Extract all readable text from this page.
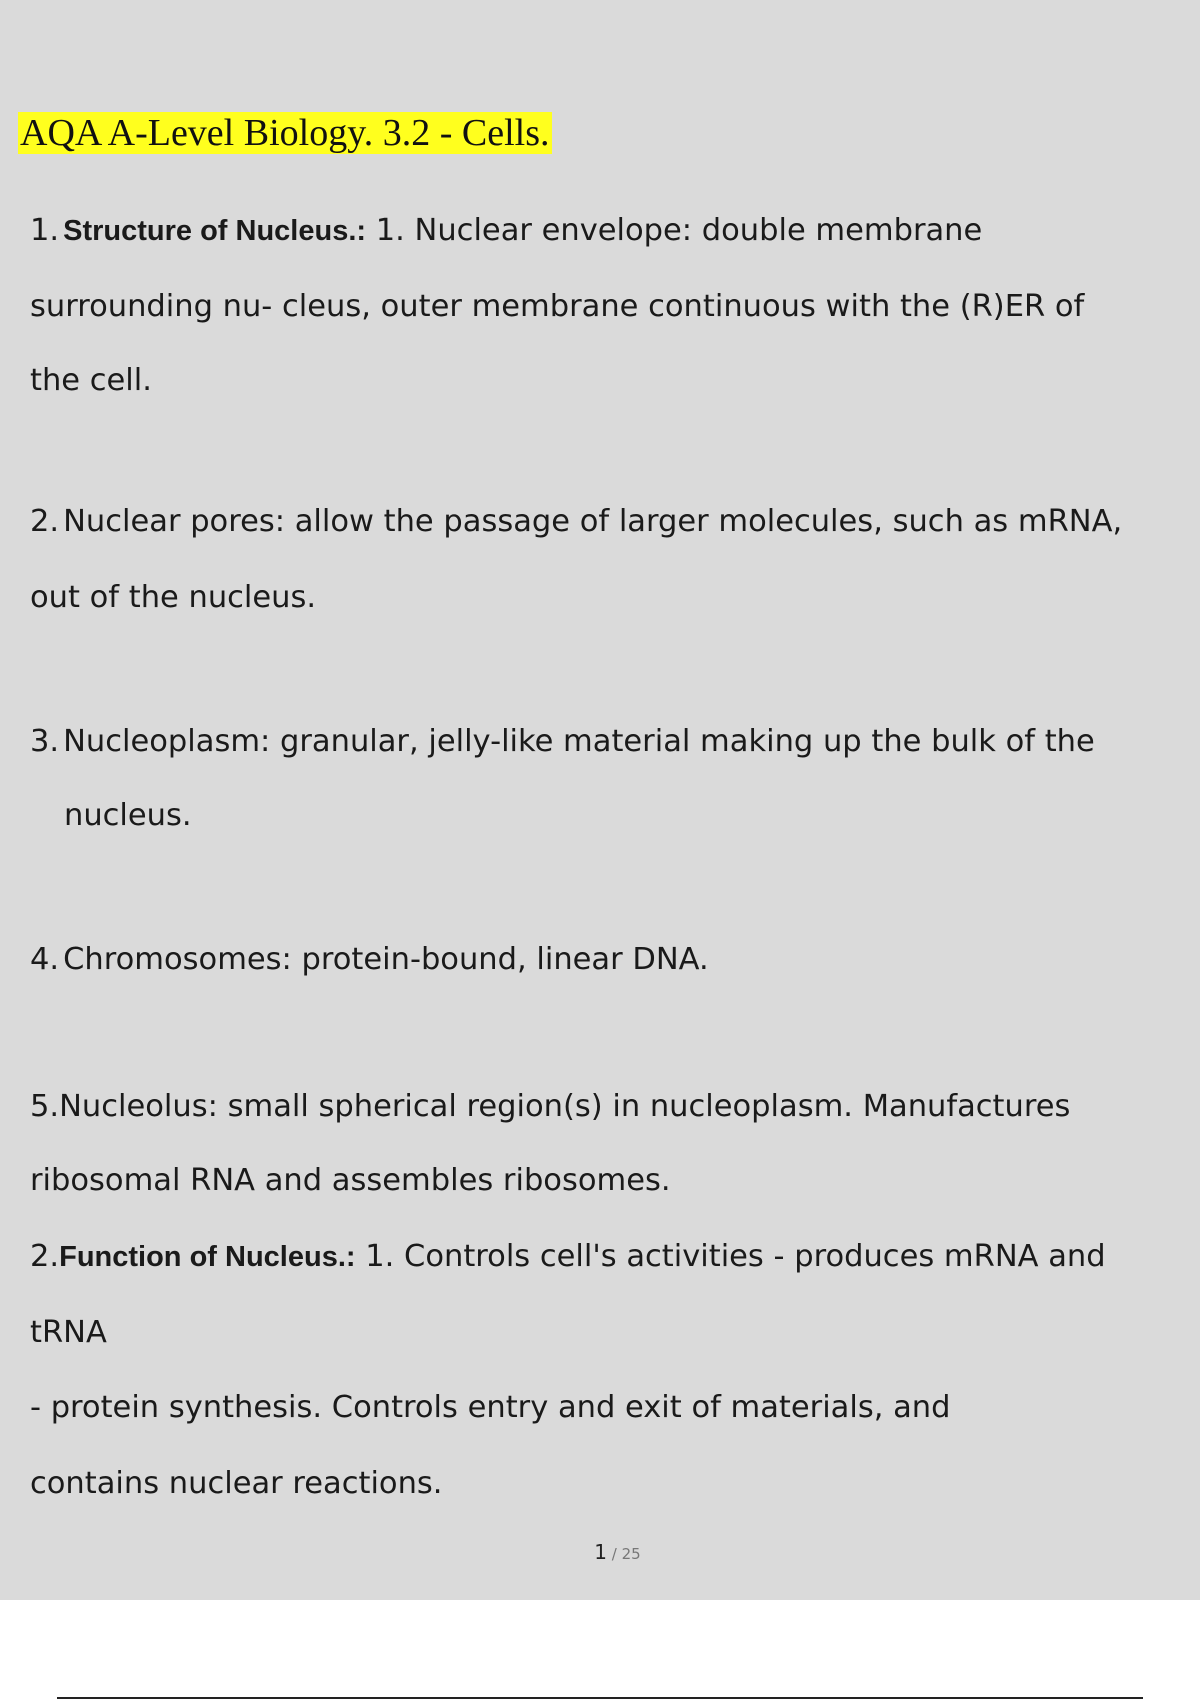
AQA A-Level Biology. 3.2 - Cells.
1. Structure of Nucleus.: 1. Nuclear envelope: double membrane
surrounding nu- cleus, outer membrane continuous with the (R)ER of
the cell.
2. Nuclear pores: allow the passage of larger molecules, such as mRNA,
out of the nucleus.
3. Nucleoplasm: granular, jelly-like material making up the bulk of the
nucleus.
4. Chromosomes: protein-bound, linear DNA.
5.Nucleolus: small spherical region(s) in nucleoplasm. Manufactures
ribosomal RNA and assembles ribosomes.
2.Function of Nucleus.: 1. Controls cell's activities - produces mRNA and
tRNA
- protein synthesis. Controls entry and exit of materials, and
contains nuclear reactions.
1 / 25
